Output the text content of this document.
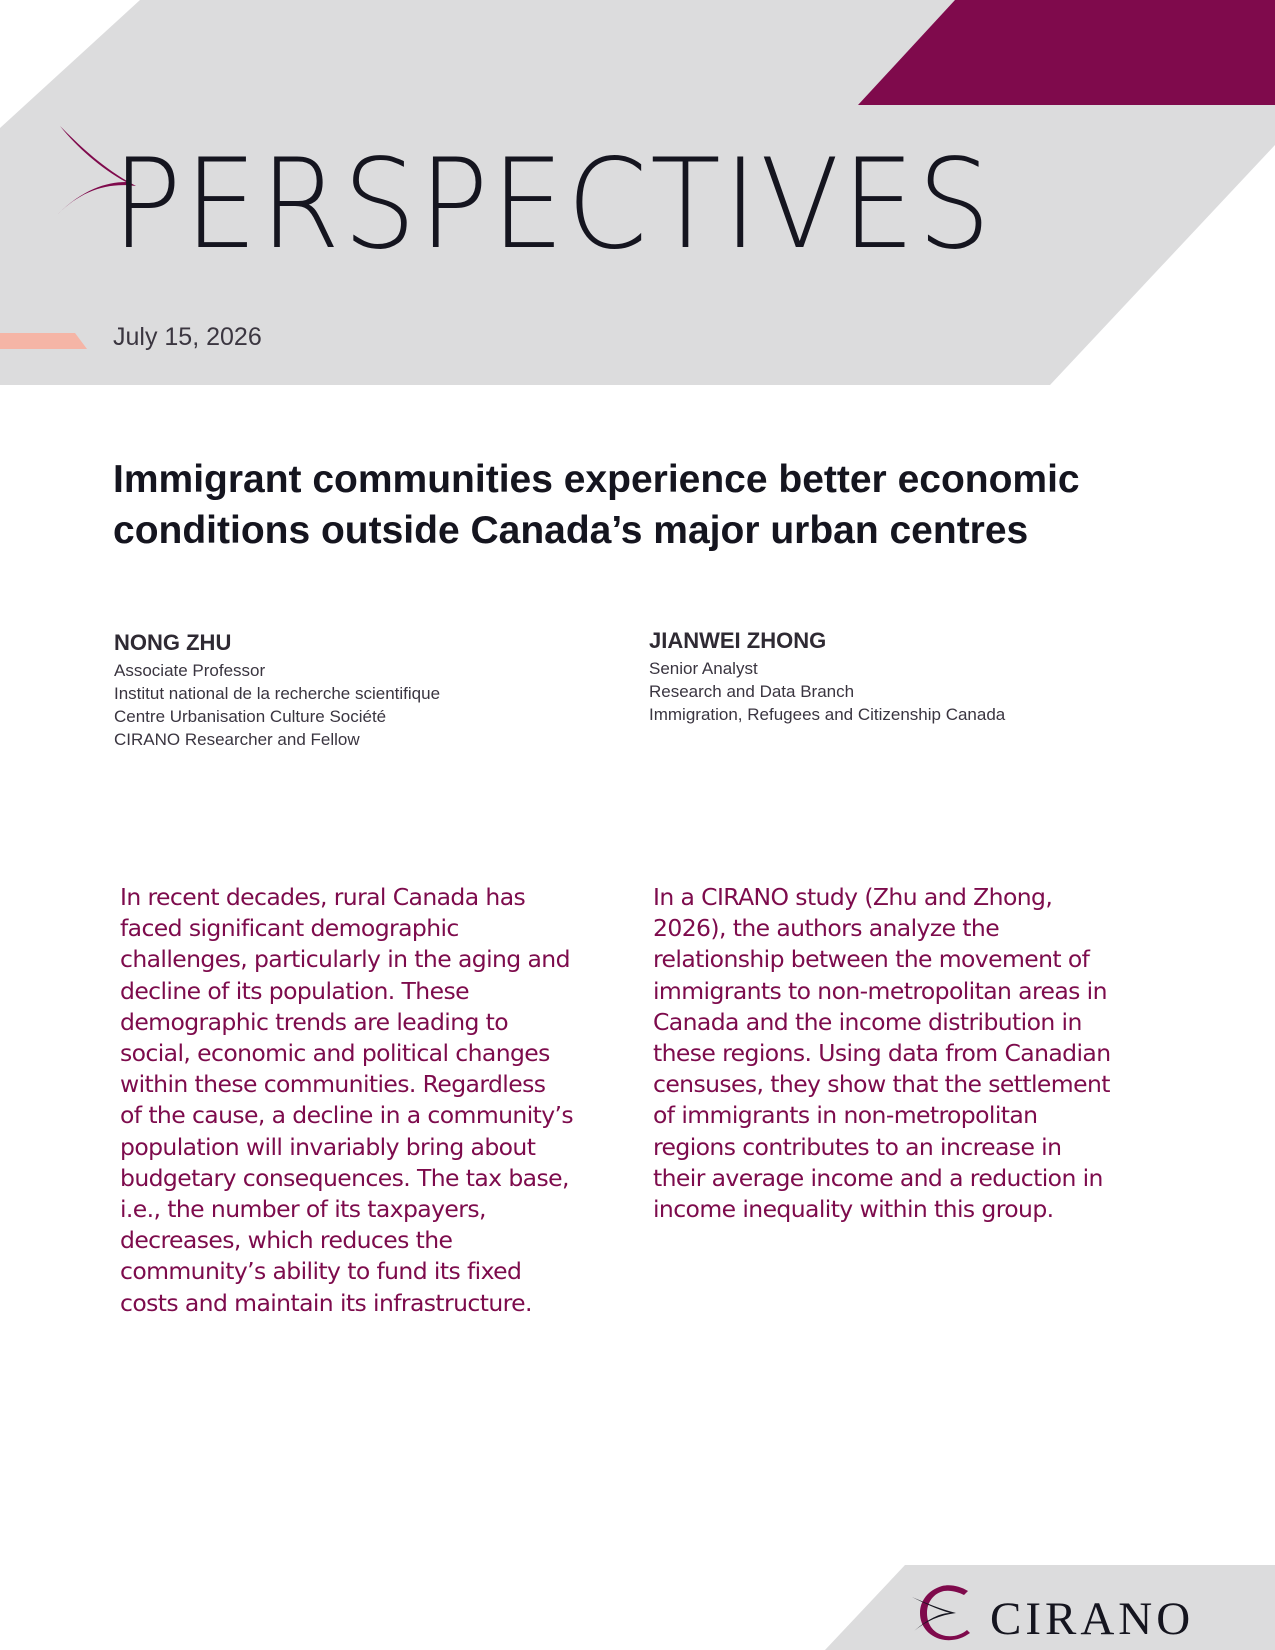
PERSPECTIVES
July 15, 2026
Immigrant communities experience better economic conditions outside Canada’s major urban centres
NONG ZHU
Associate Professor
Institut national de la recherche scientifique
Centre Urbanisation Culture Société
CIRANO Researcher and Fellow
JIANWEI ZHONG
Senior Analyst
Research and Data Branch
Immigration, Refugees and Citizenship Canada
In recent decades, rural Canada has
faced significant demographic
challenges, particularly in the aging and
decline of its population. These
demographic trends are leading to
social, economic and political changes
within these communities. Regardless
of the cause, a decline in a community’s
population will invariably bring about
budgetary consequences. The tax base,
i.e., the number of its taxpayers,
decreases, which reduces the
community’s ability to fund its fixed
costs and maintain its infrastructure.
In a CIRANO study (Zhu and Zhong,
2026), the authors analyze the
relationship between the movement of
immigrants to non-metropolitan areas in
Canada and the income distribution in
these regions. Using data from Canadian
censuses, they show that the settlement
of immigrants in non-metropolitan
regions contributes to an increase in
their average income and a reduction in
income inequality within this group.
CIRANO
